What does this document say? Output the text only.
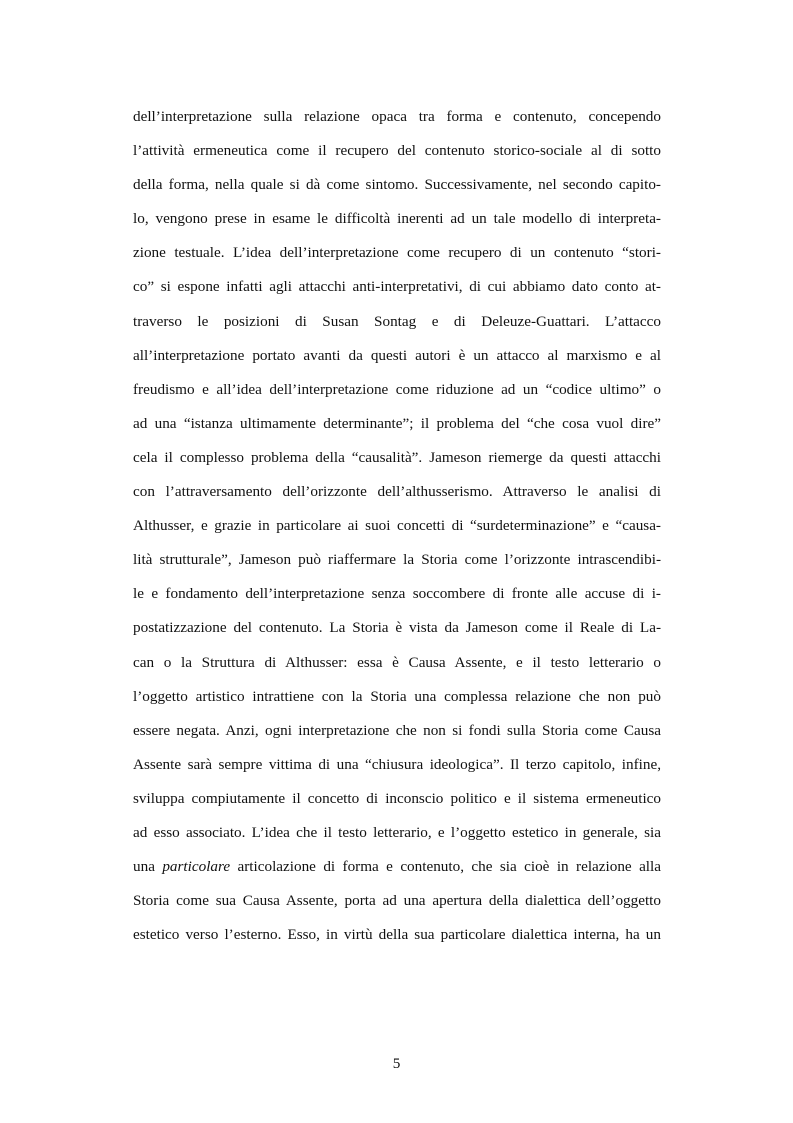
dell’interpretazione sulla relazione opaca tra forma e contenuto, concependo
l’attività ermeneutica come il recupero del contenuto storico-sociale al di sotto
della forma, nella quale si dà come sintomo. Successivamente, nel secondo capito-
lo, vengono prese in esame le difficoltà inerenti ad un tale modello di interpreta-
zione testuale. L’idea dell’interpretazione come recupero di un contenuto “stori-
co” si espone infatti agli attacchi anti-interpretativi, di cui abbiamo dato conto at-
traverso le posizioni di Susan Sontag e di Deleuze-Guattari. L’attacco
all’interpretazione portato avanti da questi autori è un attacco al marxismo e al
freudismo e all’idea dell’interpretazione come riduzione ad un “codice ultimo” o
ad una “istanza ultimamente determinante”; il problema del “che cosa vuol dire”
cela il complesso problema della “causalità”. Jameson riemerge da questi attacchi
con l’attraversamento dell’orizzonte dell’althusserismo. Attraverso le analisi di
Althusser, e grazie in particolare ai suoi concetti di “surdeterminazione” e “causa-
lità strutturale”, Jameson può riaffermare la Storia come l’orizzonte intrascendibi-
le e fondamento dell’interpretazione senza soccombere di fronte alle accuse di i-
postatizzazione del contenuto. La Storia è vista da Jameson come il Reale di La-
can o la Struttura di Althusser: essa è Causa Assente, e il testo letterario o
l’oggetto artistico intrattiene con la Storia una complessa relazione che non può
essere negata. Anzi, ogni interpretazione che non si fondi sulla Storia come Causa
Assente sarà sempre vittima di una “chiusura ideologica”. Il terzo capitolo, infine,
sviluppa compiutamente il concetto di inconscio politico e il sistema ermeneutico
ad esso associato. L’idea che il testo letterario, e l’oggetto estetico in generale, sia
una particolare articolazione di forma e contenuto, che sia cioè in relazione alla
Storia come sua Causa Assente, porta ad una apertura della dialettica dell’oggetto
estetico verso l’esterno. Esso, in virtù della sua particolare dialettica interna, ha un
5
